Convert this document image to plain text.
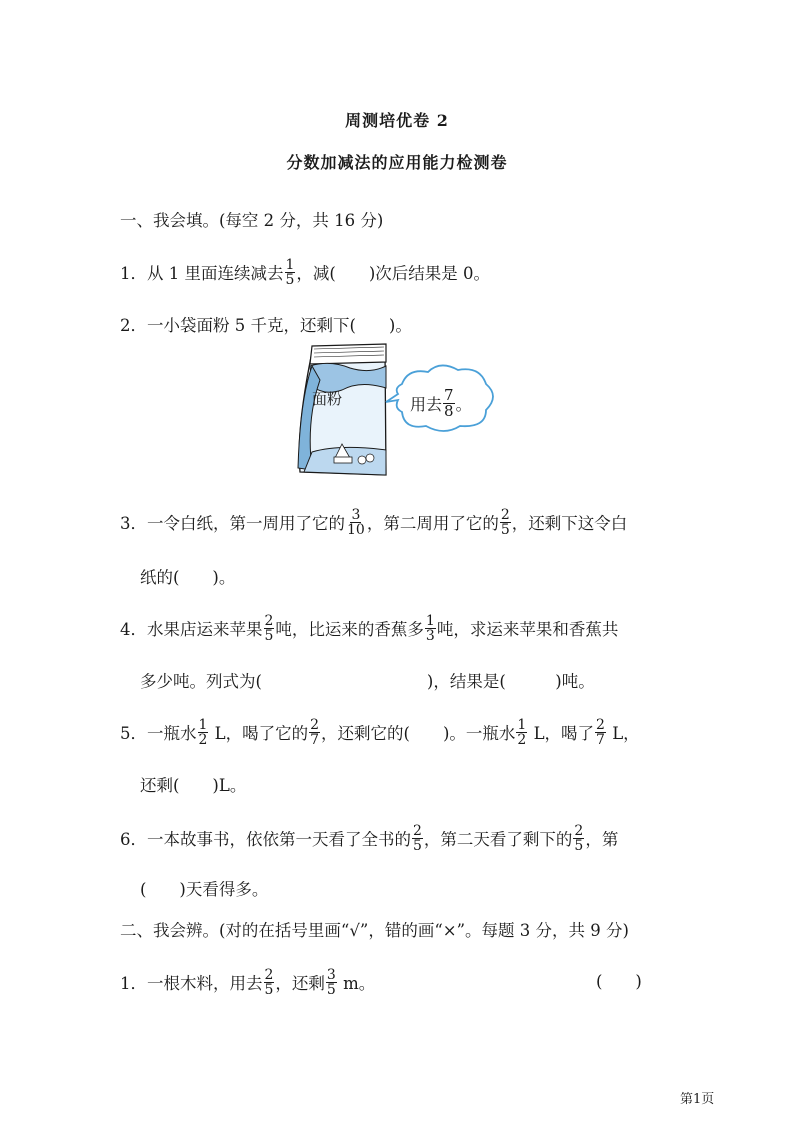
周测培优卷 2
分数加减法的应用能力检测卷
一、我会填。(每空 2 分，共 16 分)
1．从 1 里面连续减去 $\frac{1}{5}$ ，减(　　)次后结果是 0。
2．一小袋面粉 5 千克，还剩下(　　)。
面粉	用去 $\frac{7}{8}$ 。
3．一令白纸，第一周用了它的 $\frac{3}{10}$ ，第二周用了它的 $\frac{2}{5}$ ，还剩下这令白
纸的(　　)。
4．水果店运来苹果 $\frac{2}{5}$ 吨，比运来的香蕉多 $\frac{1}{3}$ 吨，求运来苹果和香蕉共
多少吨。列式为(　　　　　　　　　　)，结果是(　　　)吨。
5．一瓶水 $\frac{1}{2}$ L，喝了它的 $\frac{2}{7}$ ，还剩它的(　　)。一瓶水 $\frac{1}{2}$ L，喝了 $\frac{2}{7}$ L，
还剩(　　)L。
6．一本故事书，依依第一天看了全书的 $\frac{2}{5}$ ，第二天看了剩下的 $\frac{2}{5}$ ，第
(　　)天看得多。
二、我会辨。(对的在括号里画“√”，错的画“×”。每题 3 分，共 9 分)
1．一根木料，用去 $\frac{2}{5}$ ，还剩 $\frac{3}{5}$ m。	(　　)
第1页
